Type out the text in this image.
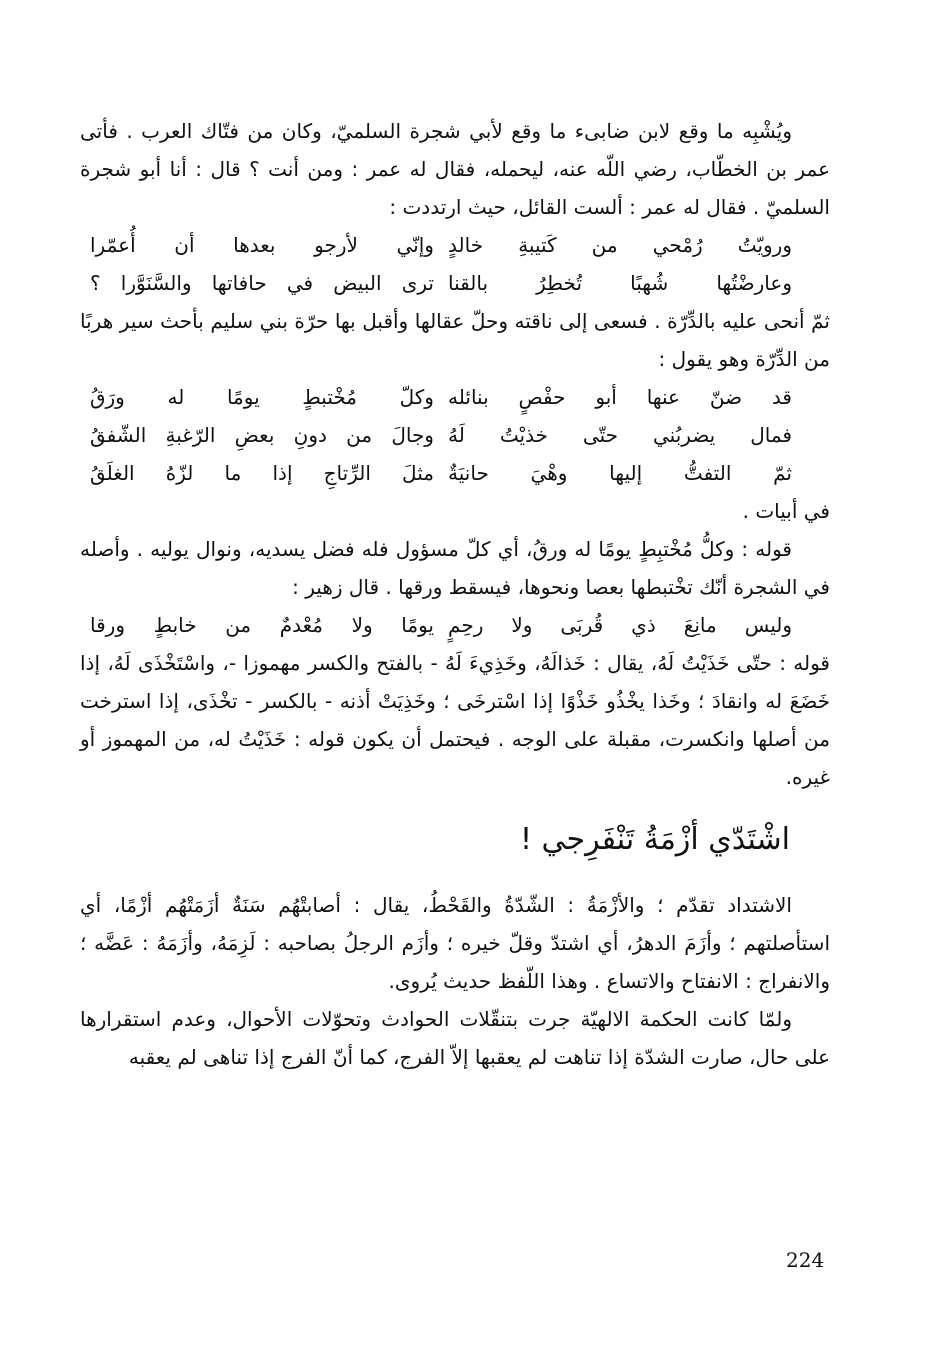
ويُشْبِه ما وقع لابن ضابىء ما وقع لأبي شجرة السلميّ، وكان من فتّاك العرب . فأتى عمر بن الخطّاب، رضي اللّه عنه، ليحمله، فقال له عمر : ومن أنت ؟ قال : أنا أبو شجرة السلميّ . فقال له عمر : ألست القائل، حيث ارتددت :

ورويّتُ رُمْحي من كَتيبةِ خالدٍ
وإنّي لأرجو بعدها أن أُعمّرا
وعارضْتُها شُهبًا تُخطِرُ بالقنا
ترى البيض في حافاتها والسَّنَوَّرا ؟

ثمّ أنحى عليه بالدِّرّة . فسعى إلى ناقته وحلّ عقالها وأقبل بها حرّة بني سليم بأحث سير هربًا من الدِّرّة وهو يقول :

قد ضنّ عنها أبو حفْصٍ بنائله
وكلّ مُخْتبطٍ يومًا له ورَقُ
فمال يضربُني حتّى خذيْتُ لَهُ
وجالَ من دونِ بعضِ الرّغبةِ الشّفقُ
ثمّ التفتُّ إليها وهْيَ حانيَةٌ
مثلَ الرِّتاجِ إذا ما لزّهُ الغلَقُ

في أبيات .

قوله : وكلُّ مُخْتبِطٍ يومًا له ورقُ، أي كلّ مسؤول فله فضل يسديه، ونوال يوليه . وأصله في الشجرة أنّك تخْتبطها بعصا ونحوها، فيسقط ورقها . قال زهير :

وليس مانِعَ ذي قُربَى ولا رحِمٍ
يومًا ولا مُعْدمٌ من خابطٍ ورقا

قوله : حتّى خَذَيْتُ لَهُ، يقال : خَذالَهُ، وخَذِيءَ لَهُ - بالفتح والكسر مهموزا -، واسْتَخْذَى لَهُ، إذا خَضَعَ له وانقادَ ؛ وخَذا يخْذُو خَذْوًا إذا اسْترخَى ؛ وخَذِيَتْ أذنه - بالكسر - تخْذَى، إذا استرخت من أصلها وانكسرت، مقبلة على الوجه . فيحتمل أن يكون قوله : خَذَيْتُ له، من المهموز أو غيره.

اشْتَدّي أزْمَةُ تَنْفَرِجي !

الاشتداد تقدّم ؛ والأزْمَةُ : الشّدّةُ والقَحْطُ، يقال : أصابتْهُم سَنَةٌ أزَمَتْهُم أزْمًا، أي استأصلتهم ؛ وأزَمَ الدهرُ، أي اشتدّ وقلّ خيره ؛ وأزَم الرجلُ بصاحبه : لَزِمَهُ، وأزَمَهُ : عَضَّه ؛ والانفراج : الانفتاح والاتساع . وهذا اللّفظ حديث يُروى.

ولمّا كانت الحكمة الالهيّة جرت بتنقّلات الحوادث وتحوّلات الأحوال، وعدم استقرارها على حال، صارت الشدّة إذا تناهت لم يعقبها إلاّ الفرج، كما أنّ الفرج إذا تناهى لم يعقبه

224
